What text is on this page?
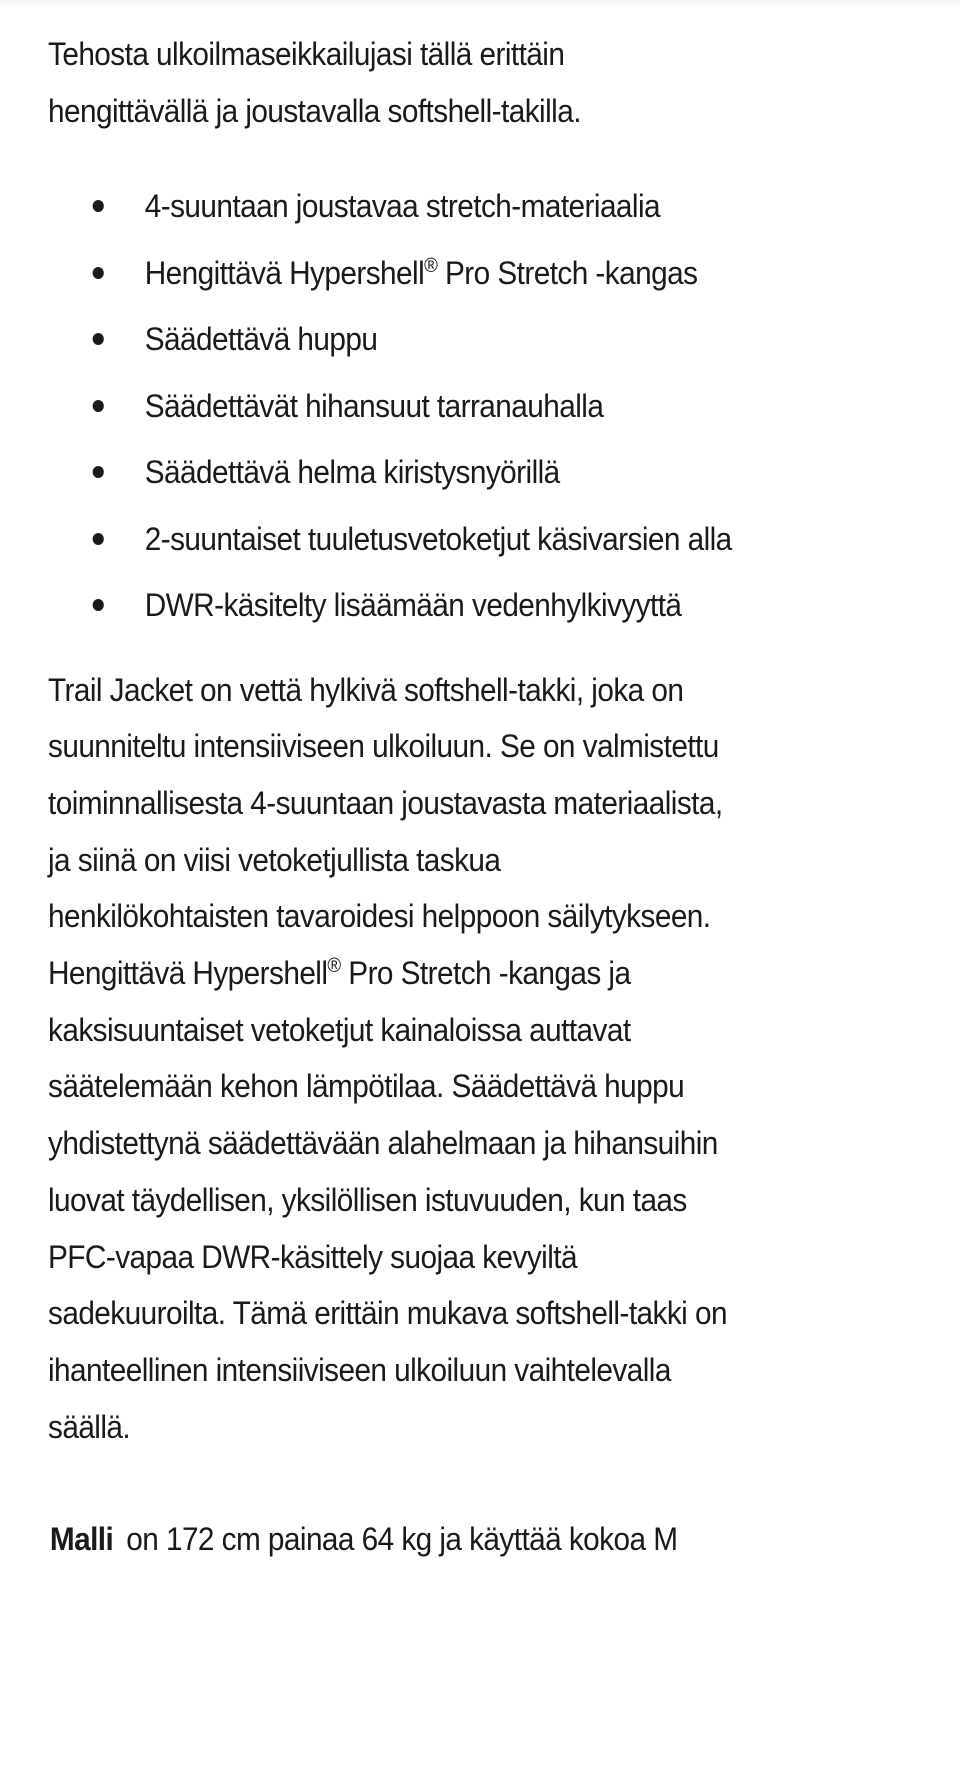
Tehosta ulkoilmaseikkailujasi tällä erittäin
hengittävällä ja joustavalla softshell-takilla.

4-suuntaan joustavaa stretch-materiaalia
Hengittävä Hypershell® Pro Stretch -kangas
Säädettävä huppu
Säädettävät hihansuut tarranauhalla
Säädettävä helma kiristysnyörillä
2-suuntaiset tuuletusvetoketjut käsivarsien alla
DWR-käsitelty lisäämään vedenhylkivyyttä

Trail Jacket on vettä hylkivä softshell-takki, joka on
suunniteltu intensiiviseen ulkoiluun. Se on valmistettu
toiminnallisesta 4-suuntaan joustavasta materiaalista,
ja siinä on viisi vetoketjullista taskua
henkilökohtaisten tavaroidesi helppoon säilytykseen.
Hengittävä Hypershell® Pro Stretch -kangas ja
kaksisuuntaiset vetoketjut kainaloissa auttavat
säätelemään kehon lämpötilaa. Säädettävä huppu
yhdistettynä säädettävään alahelmaan ja hihansuihin
luovat täydellisen, yksilöllisen istuvuuden, kun taas
PFC-vapaa DWR-käsittely suojaa kevyiltä
sadekuuroilta. Tämä erittäin mukava softshell-takki on
ihanteellinen intensiiviseen ulkoiluun vaihtelevalla
säällä.

Malli on 172 cm painaa 64 kg ja käyttää kokoa M
